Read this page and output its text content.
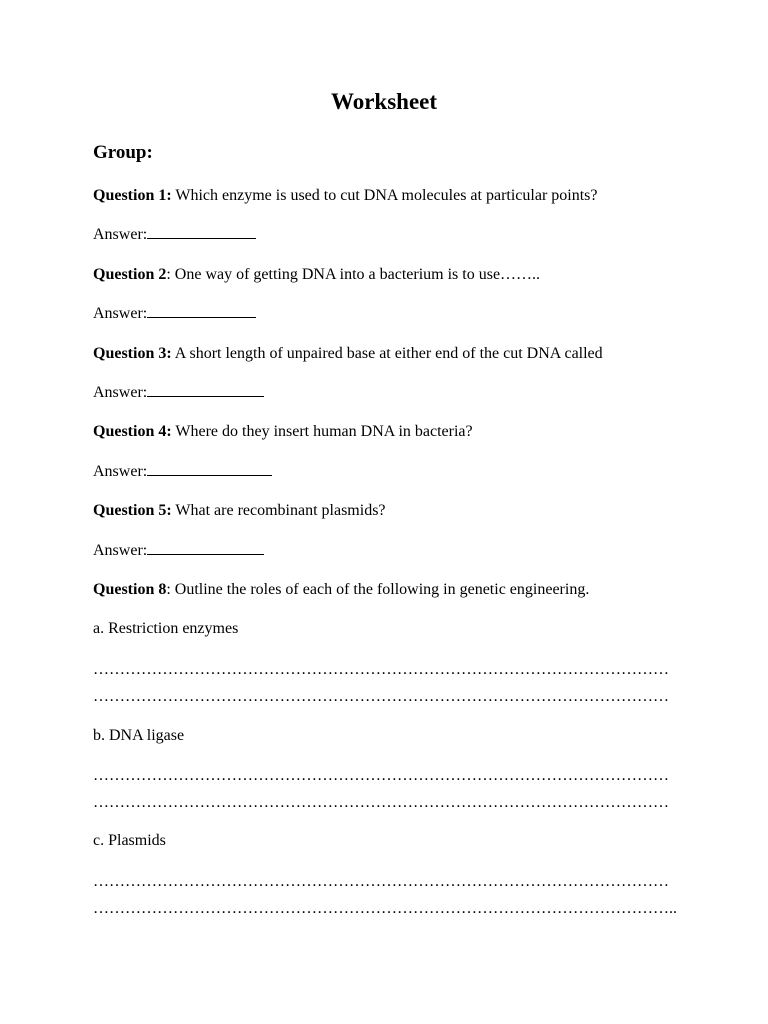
Worksheet
Group:
Question 1: Which enzyme is used to cut DNA molecules at particular points?
Answer:
Question 2: One way of getting DNA into a bacterium is to use……..
Answer:
Question 3: A short length of unpaired base at either end of the cut DNA called
Answer:
Question 4: Where do they insert human DNA in bacteria?
Answer:
Question 5: What are recombinant plasmids?
Answer:
Question 8: Outline the roles of each of the following in genetic engineering.
a. Restriction enzymes
………………………………………………………………………………………………
………………………………………………………………………………………………
b. DNA ligase
………………………………………………………………………………………………
………………………………………………………………………………………………
c. Plasmids
………………………………………………………………………………………………
………………………………………………………………………………………………..
